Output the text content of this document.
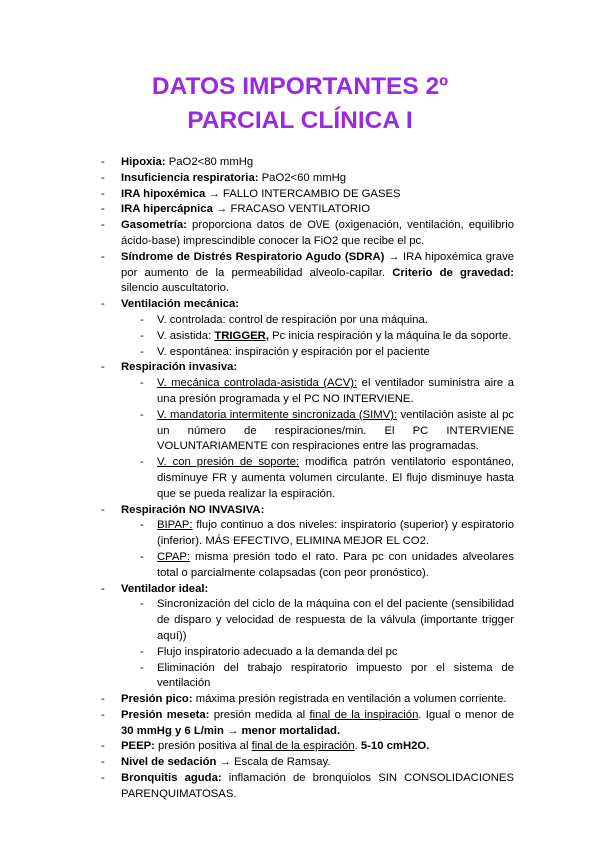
DATOS IMPORTANTES 2º
PARCIAL CLÍNICA I
- Hipoxia: PaO2<80 mmHg
- Insuficiencia respiratoria: PaO2<60 mmHg
- IRA hipoxémica → FALLO INTERCAMBIO DE GASES
- IRA hipercápnica → FRACASO VENTILATORIO
- Gasometría: proporciona datos de O\/E (oxigenación, ventilación, equilibrio ácido-base) imprescindible conocer la FiO2 que recibe el pc.
- Síndrome de Distrés Respiratorio Agudo (SDRA) → IRA hipoxémica grave por aumento de la permeabilidad alveolo-capilar. Criterio de gravedad: silencio auscultatorio.
- Ventilación mecánica:
- V. controlada: control de respiración por una máquina.
- V. asistida: TRIGGER, Pc inicia respiración y la máquina le da soporte.
- V. espontánea: inspiración y espiración por el paciente
- Respiración invasiva:
- V. mecánica controlada-asistida (ACV): el ventilador suministra aire a una presión programada y el PC NO INTERVIENE.
- V. mandatoria intermitente sincronizada (SIMV): ventilación asiste al pc un número de respiraciones/min. El PC INTERVIENE VOLUNTARIAMENTE con respiraciones entre las programadas.
- V. con presión de soporte: modifica patrón ventilatorio espontáneo, disminuye FR y aumenta volumen circulante. El flujo disminuye hasta que se pueda realizar la espiración.
- Respiración NO INVASIVA:
- BIPAP: flujo continuo a dos niveles: inspiratorio (superior) y espiratorio (inferior). MÁS EFECTIVO, ELIMINA MEJOR EL CO2.
- CPAP: misma presión todo el rato. Para pc con unidades alveolares total o parcialmente colapsadas (con peor pronóstico).
- Ventilador ideal:
- Sincronización del ciclo de la máquina con el del paciente (sensibilidad de disparo y velocidad de respuesta de la válvula (importante trigger aquí))
- Flujo inspiratorio adecuado a la demanda del pc
- Eliminación del trabajo respiratorio impuesto por el sistema de ventilación
- Presión pico: máxima presión registrada en ventilación a volumen corriente.
- Presión meseta: presión medida al final de la inspiración. Igual o menor de 30 mmHg y 6 L/min → menor mortalidad.
- PEEP: presión positiva al final de la espiración. 5-10 cmH2O.
- Nivel de sedación → Escala de Ramsay.
- Bronquitis aguda: inflamación de bronquiolos SIN CONSOLIDACIONES PARENQUIMATOSAS.
